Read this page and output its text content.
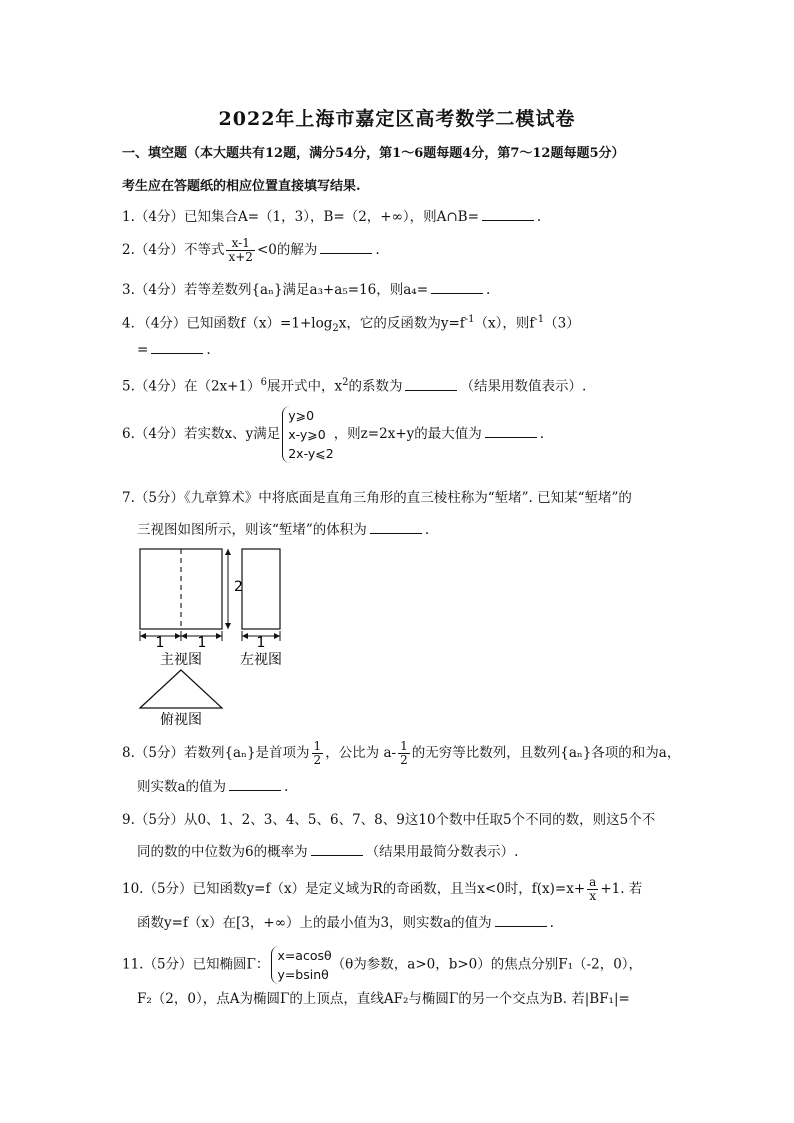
2022年上海市嘉定区高考数学二模试卷
一、填空题（本大题共有12题，满分54分，第1～6题每题4分，第7～12题每题5分）
考生应在答题纸的相应位置直接填写结果.
1.（4分）已知集合A=（1，3），B=（2，+∞），则A∩B=	.
2.（4分）不等式 $\frac{x-1}{x+2} <0$的解为	.
3.（4分）若等差数列{aₙ}满足a₃+a₅=16，则a₄=	.
4．（4分）已知函数$f(x)=1+\log_2x$，它的反函数为$y=f^{-1}(x)$，则$f^{-1}(3)$
=	.
5.（4分）在$(2x+1)^6$展开式中，$x^2$的系数为	（结果用数值表示）.
6.（4分）若实数x、y满足
y⩾0
x-y⩾0
2x-y⩽2
，则z=2x+y的最大值为	.
7.（5分）《九章算术》中将底面是直角三角形的直三棱柱称为“堑堵”. 已知某“堑堵”的
三视图如图所示，则该“堑堵”的体积为	.
1 1
2
1
主视图	左视图
俯视图
8.（5分）若数列{aₙ}是首项为 $\frac{1}{2}$ ，公比为 $a- \frac{1}{2}$ 的无穷等比数列，且数列{aₙ}各项的和为a，
则实数a的值为	.
9.（5分）从0、1、2、3、4、5、6、7、8、9这10个数中任取5个不同的数，则这5个不
同的数的中位数为6的概率为	（结果用最简分数表示）.
10.（5分）已知函数y=f（x）是定义域为R的奇函数，且当x<0时，$f(x)=x+ \frac{a}{x} +1$. 若
函数y=f（x）在[3，+∞）上的最小值为3，则实数a的值为	.
11.（5分）已知椭圆Γ：
x=acosθ
y=bsinθ
（θ为参数，a>0，b>0）的焦点分别F₁（-2，0），
F₂（2，0），点A为椭圆Γ的上顶点，直线AF₂与椭圆Γ的另一个交点为B. 若|BF₁|=
